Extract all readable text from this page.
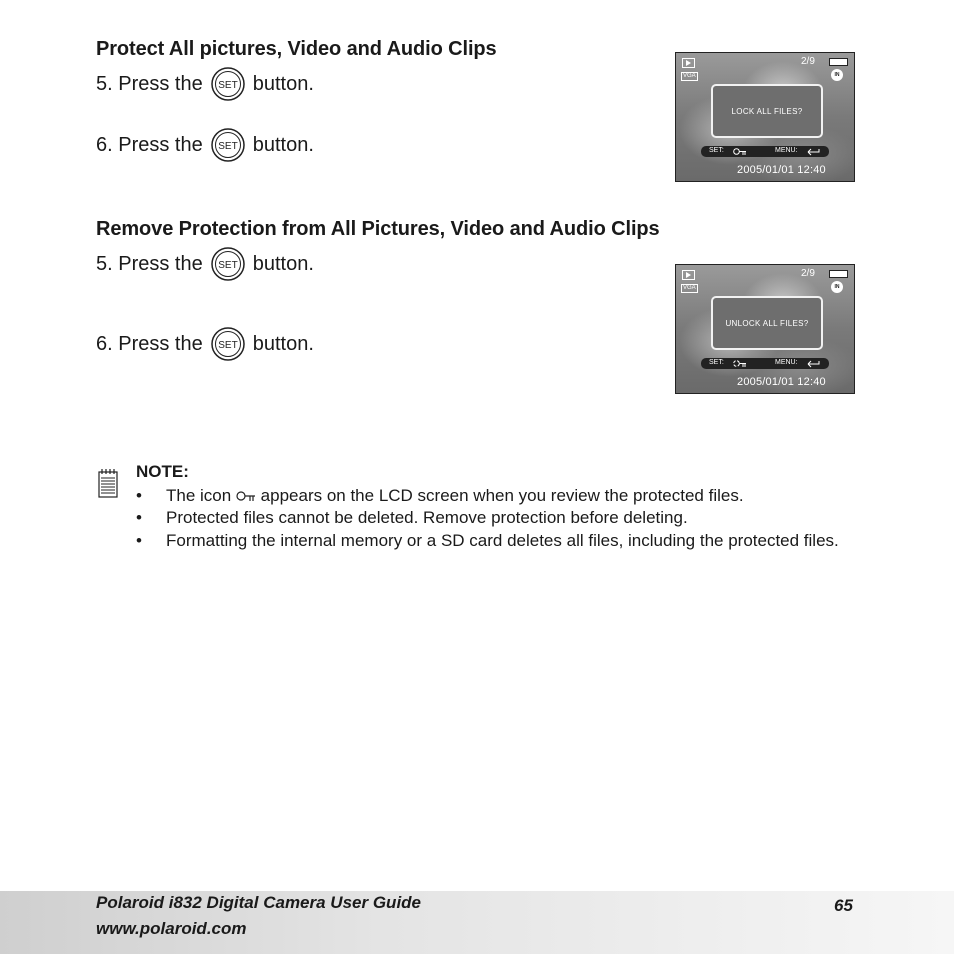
Protect All pictures, Video and Audio Clips
5. Press the SET button.
6. Press the SET button.
VGA
2/9
IN
LOCK ALL FILES?
SET:	MENU:
2005/01/01 12:40
Remove Protection from All Pictures, Video and Audio Clips
5. Press the SET button.
6. Press the SET button.
VGA
2/9
IN
UNLOCK ALL FILES?
SET:	MENU:
2005/01/01 12:40
NOTE:
• The icon appears on the LCD screen when you review the protected files.
• Protected files cannot be deleted. Remove protection before deleting.
• Formatting the internal memory or a SD card deletes all files, including the protected files.
Polaroid i832 Digital Camera User Guide
www.polaroid.com
65
